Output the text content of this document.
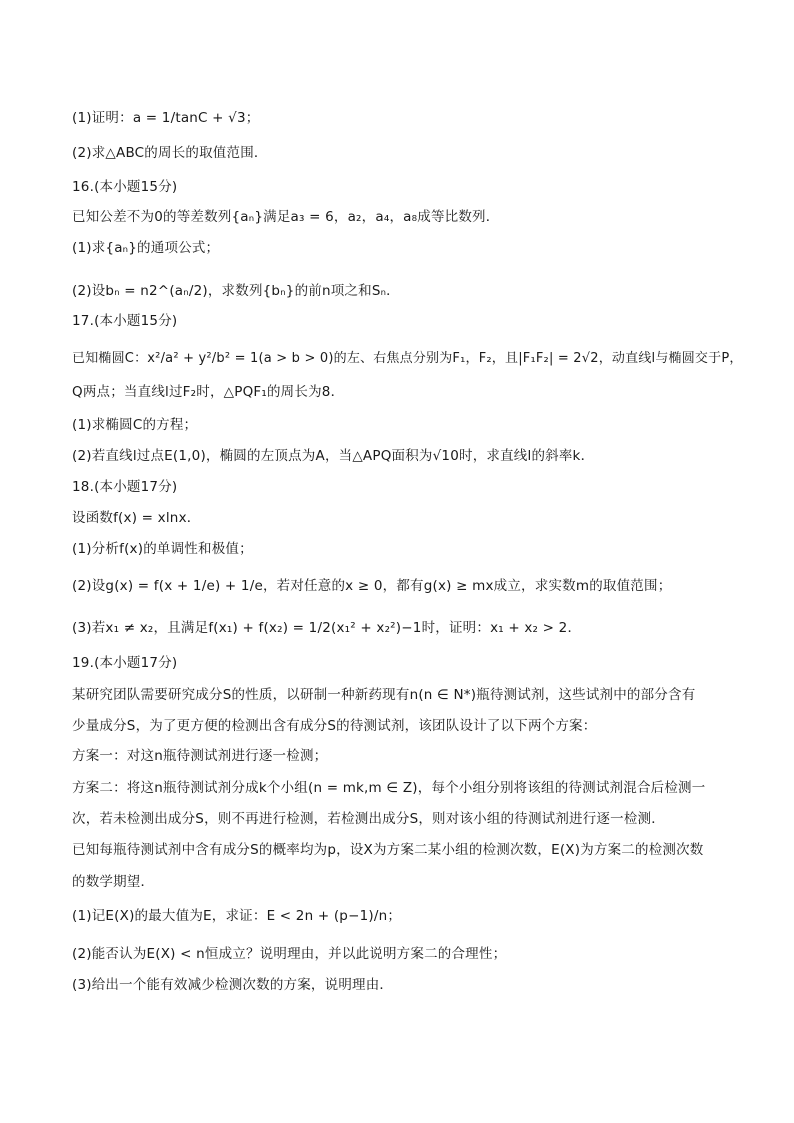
(1)证明：a = 1/tanC + √3；
(2)求△ABC的周长的取值范围．
16.(本小题15分)
已知公差不为0的等差数列{aₙ}满足a₃ = 6，a₂，a₄，a₈成等比数列．
(1)求{aₙ}的通项公式；
(2)设bₙ = n2^(aₙ/2)，求数列{bₙ}的前n项之和Sₙ．
17.(本小题15分)
已知椭圆C：x²/a² + y²/b² = 1(a > b > 0)的左、右焦点分别为F₁，F₂，且|F₁F₂| = 2√2，动直线l与椭圆交于P，
Q两点；当直线l过F₂时，△PQF₁的周长为8．
(1)求椭圆C的方程；
(2)若直线l过点E(1,0)，椭圆的左顶点为A，当△APQ面积为√10时，求直线l的斜率k．
18.(本小题17分)
设函数f(x) = xlnx．
(1)分析f(x)的单调性和极值；
(2)设g(x) = f(x + 1/e) + 1/e，若对任意的x ≥ 0，都有g(x) ≥ mx成立，求实数m的取值范围；
(3)若x₁ ≠ x₂，且满足f(x₁) + f(x₂) = 1/2(x₁² + x₂²)−1时，证明：x₁ + x₂ > 2．
19.(本小题17分)
某研究团队需要研究成分S的性质，以研制一种新药现有n(n ∈ N*)瓶待测试剂，这些试剂中的部分含有
少量成分S，为了更方便的检测出含有成分S的待测试剂，该团队设计了以下两个方案：
方案一：对这n瓶待测试剂进行逐一检测；
方案二：将这n瓶待测试剂分成k个小组(n = mk,m ∈ Z)，每个小组分别将该组的待测试剂混合后检测一
次，若未检测出成分S，则不再进行检测，若检测出成分S，则对该小组的待测试剂进行逐一检测．
已知每瓶待测试剂中含有成分S的概率均为p，设X为方案二某小组的检测次数，E(X)为方案二的检测次数
的数学期望．
(1)记E(X)的最大值为E，求证：E < 2n + (p−1)/n；
(2)能否认为E(X) < n恒成立？说明理由，并以此说明方案二的合理性；
(3)给出一个能有效减少检测次数的方案，说明理由．
